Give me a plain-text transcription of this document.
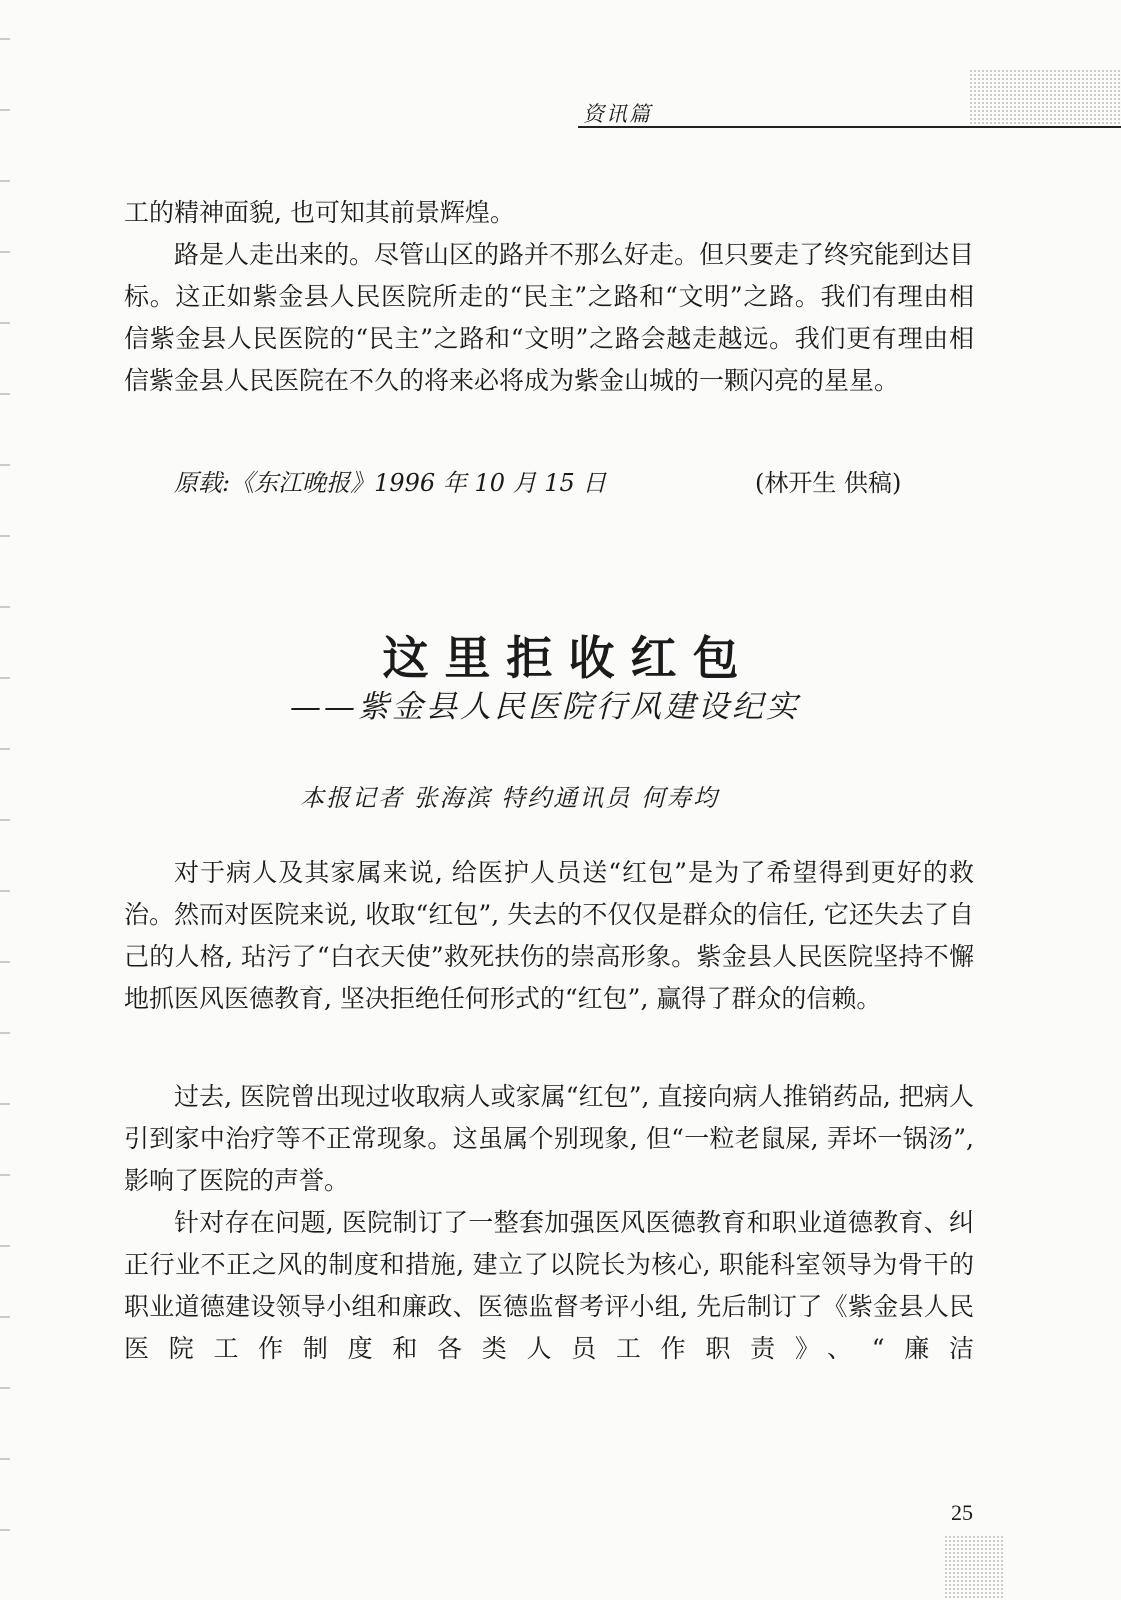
资讯篇

工的精神面貌, 也可知其前景辉煌。

路是人走出来的。尽管山区的路并不那么好走。但只要走了终究能到达目标。这正如紫金县人民医院所走的“民主”之路和“文明”之路。我们有理由相信紫金县人民医院的“民主”之路和“文明”之路会越走越远。我们更有理由相信紫金县人民医院在不久的将来必将成为紫金山城的一颗闪亮的星星。

原载:《东江晚报》1996 年 10 月 15 日	(林开生 供稿)
这里拒收红包
——紫金县人民医院行风建设纪实
本报记者 张海滨 特约通讯员 何寿均

对于病人及其家属来说, 给医护人员送“红包”是为了希望得到更好的救治。然而对医院来说, 收取“红包”, 失去的不仅仅是群众的信任, 它还失去了自己的人格, 玷污了“白衣天使”救死扶伤的崇高形象。紫金县人民医院坚持不懈地抓医风医德教育, 坚决拒绝任何形式的“红包”, 赢得了群众的信赖。

过去, 医院曾出现过收取病人或家属“红包”, 直接向病人推销药品, 把病人引到家中治疗等不正常现象。这虽属个别现象, 但“一粒老鼠屎, 弄坏一锅汤”, 影响了医院的声誉。

针对存在问题, 医院制订了一整套加强医风医德教育和职业道德教育、纠正行业不正之风的制度和措施, 建立了以院长为核心, 职能科室领导为骨干的职业道德建设领导小组和廉政、医德监督考评小组, 先后制订了《紫金县人民医院工作制度和各类人员工作职责》、“廉洁

25
